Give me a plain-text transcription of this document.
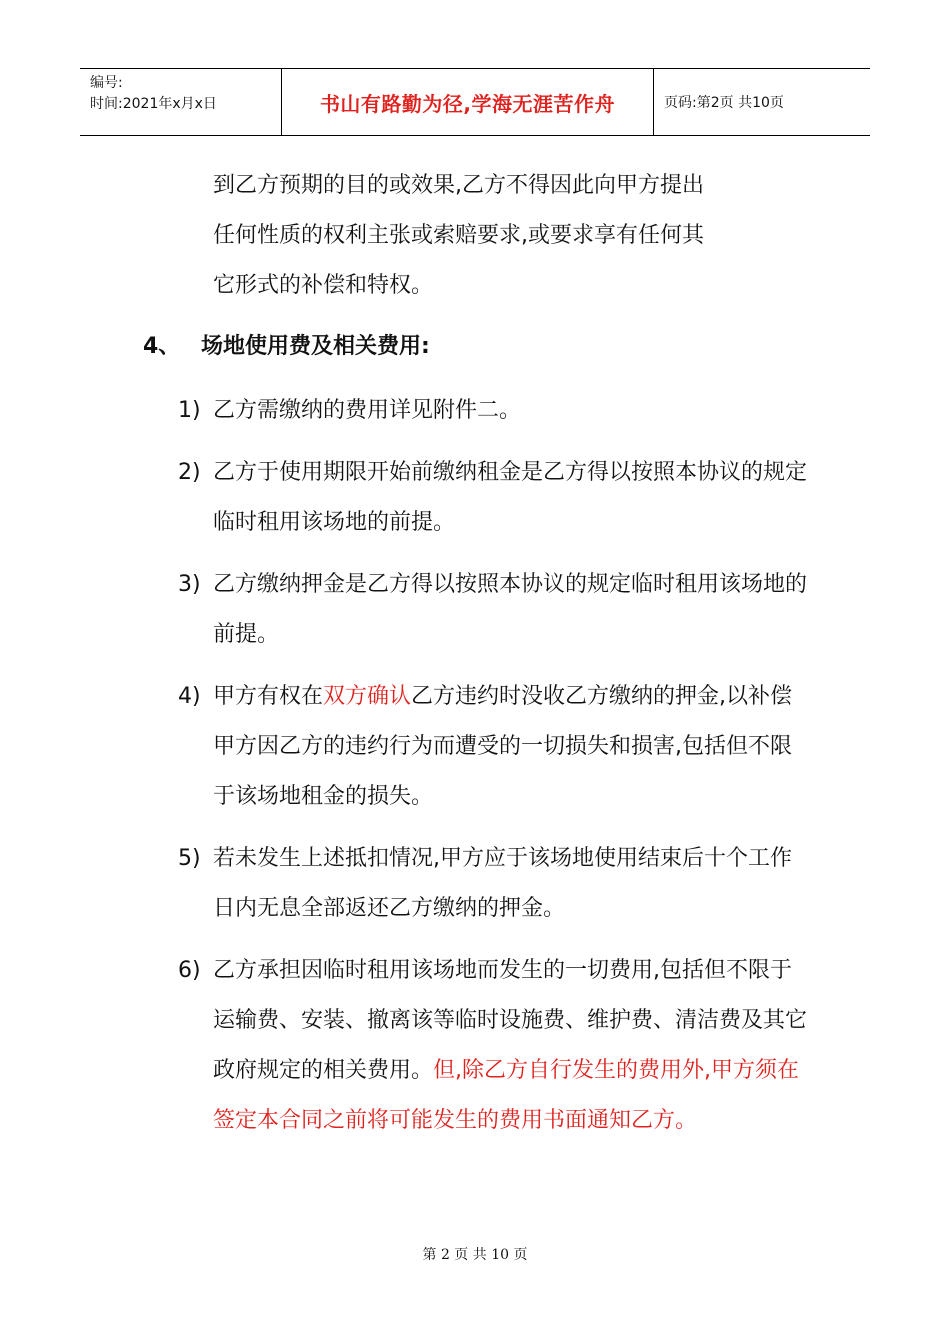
编号:
时间:2021年x月x日	书山有路勤为径,学海无涯苦作舟	页码:第2页 共10页

到乙方预期的目的或效果,乙方不得因此向甲方提出

任何性质的权利主张或索赔要求,或要求享有任何其

它形式的补偿和特权。

4、 场地使用费及相关费用:
1) 乙方需缴纳的费用详见附件二。
2) 乙方于使用期限开始前缴纳租金是乙方得以按照本协议的规定临时租用该场地的前提。
3) 乙方缴纳押金是乙方得以按照本协议的规定临时租用该场地的前提。
4) 甲方有权在双方确认乙方违约时没收乙方缴纳的押金,以补偿甲方因乙方的违约行为而遭受的一切损失和损害,包括但不限于该场地租金的损失。
5) 若未发生上述抵扣情况,甲方应于该场地使用结束后十个工作日内无息全部返还乙方缴纳的押金。
6) 乙方承担因临时租用该场地而发生的一切费用,包括但不限于运输费、安装、撤离该等临时设施费、维护费、清洁费及其它政府规定的相关费用。但,除乙方自行发生的费用外,甲方须在签定本合同之前将可能发生的费用书面通知乙方。
第 2 页 共 10 页
